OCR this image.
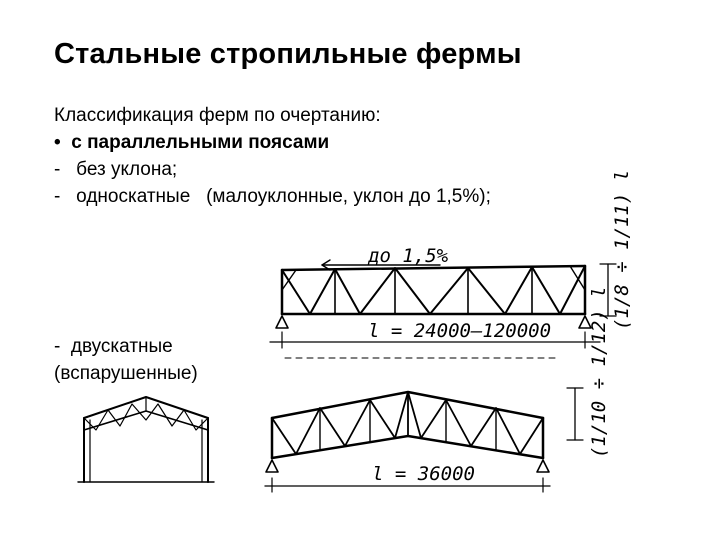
Стальные стропильные фермы
Классификация ферм по очертанию:
• с параллельными поясами
- без уклона;
- односкатные   (малоуклонные, уклон до 1,5%);
-  двускатные
(вспарушенные)
до 1,5%
l = 24000–120000
(1/8 ÷ 1/11) l
l = 36000
(1/10 ÷ 1/12) l
